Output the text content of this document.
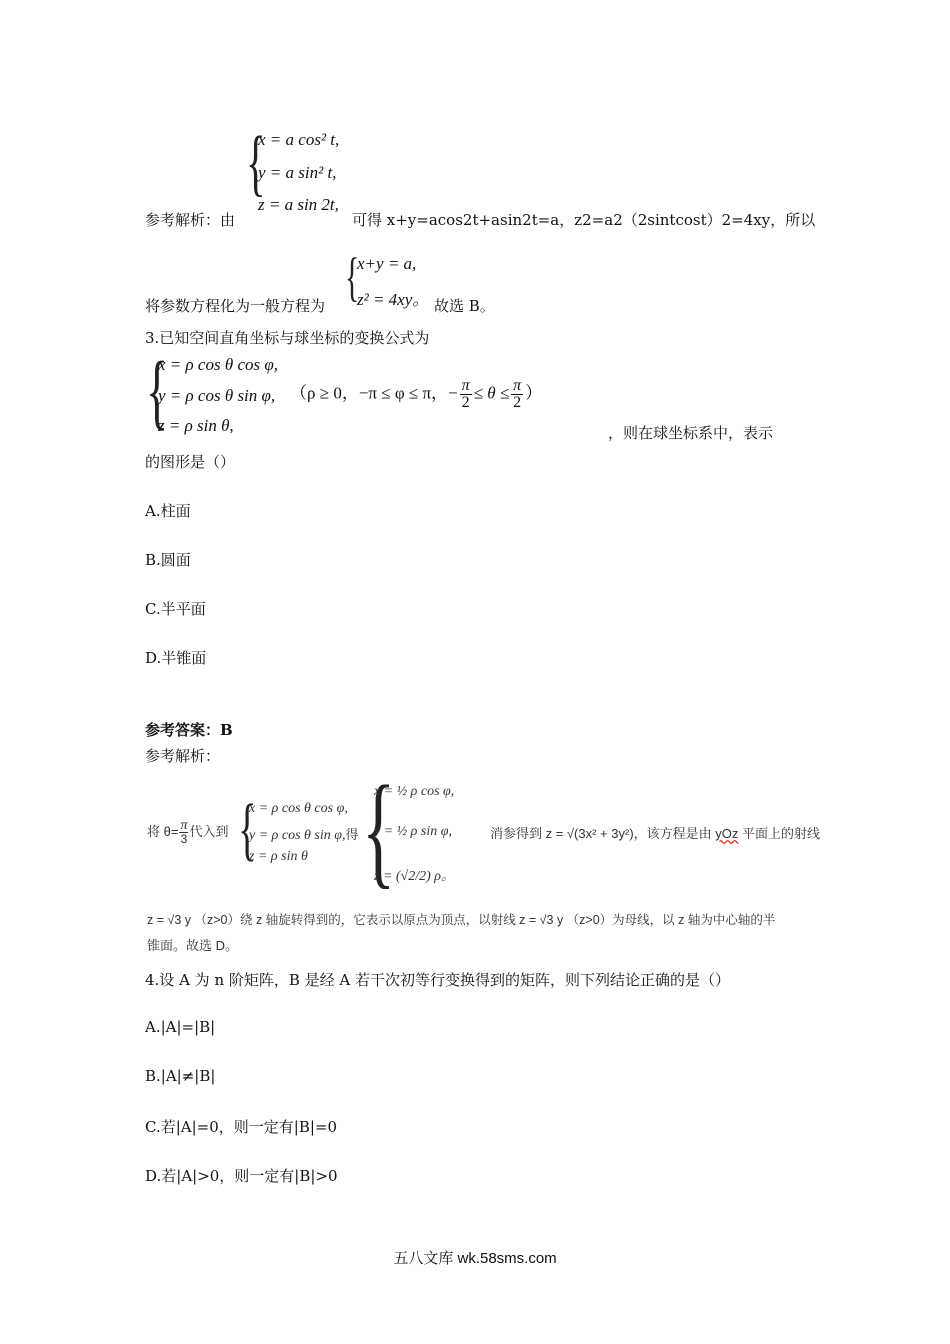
{
x = a cos² t,
y = a sin² t,
z = a sin 2t,
参考解析：由	可得 x+y=acos2t+asin2t=a，z2=a2（2sintcost）2=4xy，所以
{
x+y = a,
z² = 4xy。
将参数方程化为一般方程为	故选 B。
3.已知空间直角坐标与球坐标的变换公式为
{
x = ρ cos θ cos φ,
y = ρ cos θ sin φ,
z = ρ sin θ,
（ρ ≥ 0，−π ≤ φ ≤ π，− $\frac{\pi}{2} \le \theta \le \frac{\pi}{2}$ ）
，则在球坐标系中，表示
的图形是（）
A.柱面
B.圆面
C.半平面
D.半锥面
参考答案：B
参考解析：
将 $\theta= \frac{\pi}{3}$ 代入到 {
x = ρ cos θ cos φ,
y = ρ cos θ sin φ,得
z = ρ sin θ {
x = ½ ρ cos φ,
y = ½ ρ sin φ,
z = (√2/2) ρ。
消参得到 z = √(3x² + 3y²)，该方程是由 yOz 平面上的射线
z = √3 y （z>0）绕 z 轴旋转得到的，它表示以原点为顶点，以射线 z = √3 y （z>0）为母线，以 z 轴为中心轴的半
锥面。故选 D。
4.设 A 为 n 阶矩阵，B 是经 A 若干次初等行变换得到的矩阵，则下列结论正确的是（）
A.|A|=|B|
B.|A|≠|B|
C.若|A|=0，则一定有|B|=0
D.若|A|>0，则一定有|B|>0
五八文库 wk.58sms.com
